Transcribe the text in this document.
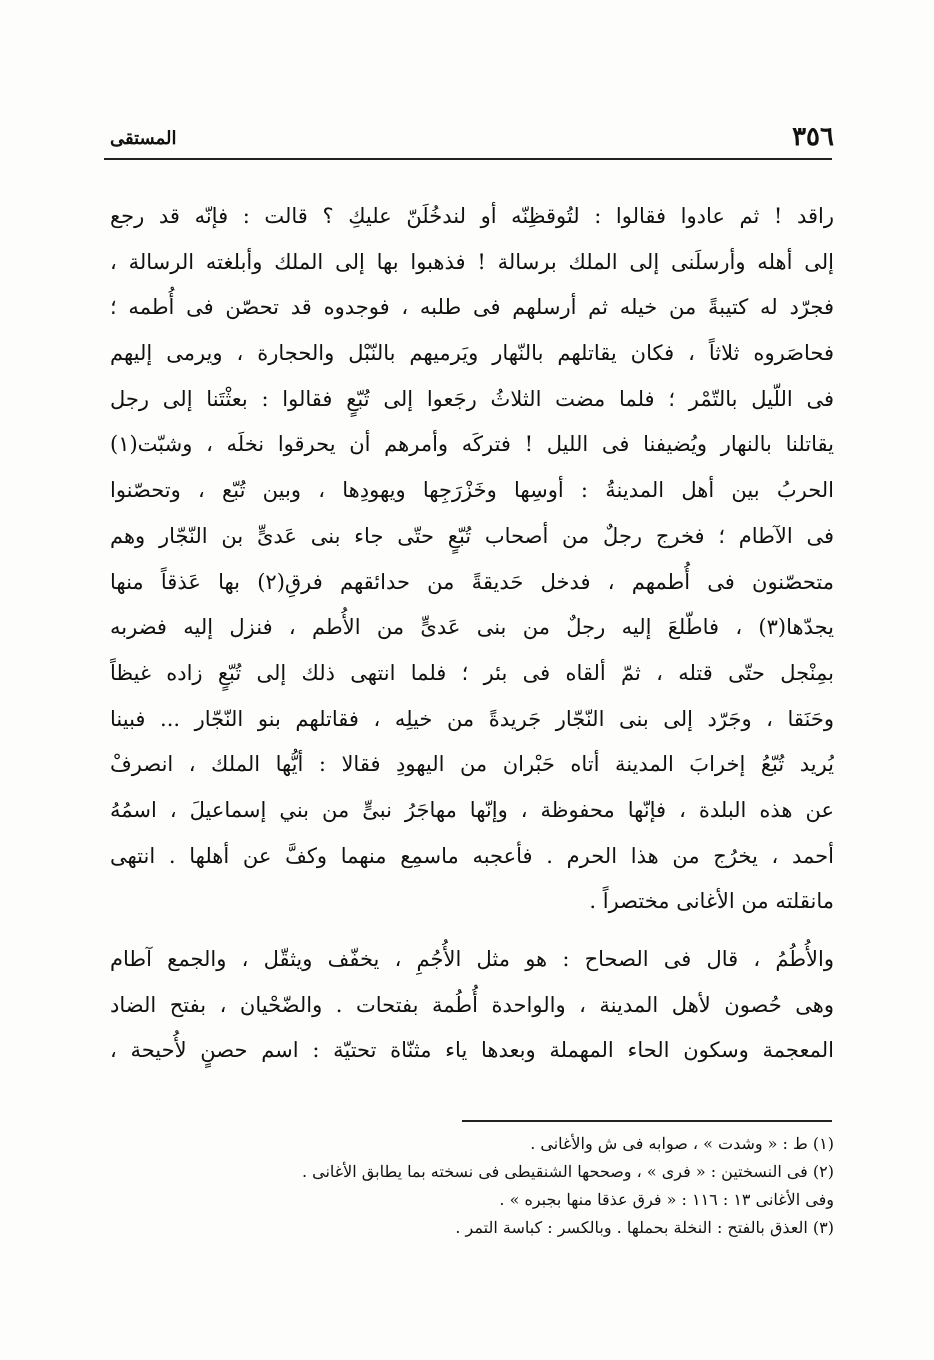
٣٥٦
المستقى
راقد ! ثم عادوا فقالوا : لتُوقظِنّه أو لندخُلَنّ عليكِ ؟ قالت : فإنّه قد رجع
إلى أهله وأرسلَنى إلى الملك برسالة ! فذهبوا بها إلى الملك وأبلغته الرسالة ،
فجرّد له كتيبةً من خيله ثم أرسلهم فى طلبه ، فوجدوه قد تحصّن فى أُطمه ؛
فحاصَروه ثلاثاً ، فكان يقاتلهم بالنّهار ويَرميهم بالنّبْل والحجارة ، ويرمى إليهم
فى اللّيل بالتّمْر ؛ فلما مضت الثلاثُ رجَعوا إلى تُبّعٍ فقالوا : بعثْتَنا إلى رجل
يقاتلنا بالنهار ويُضيفنا فى الليل ! فتركَه وأمرهم أن يحرقوا نخلَه ، وشبّت(١)
الحربُ بين أهل المدينةُ : أوسِها وخَزْرَجِها ويهودِها ، وبين تُبّع ، وتحصّنوا
فى الآطام ؛ فخرج رجلٌ من أصحاب تُبّعٍ حتّى جاء بنى عَدىٍّ بن النّجّار وهم
متحصّنون فى أُطمهم ، فدخل حَديقةً من حدائقهم فرقِ(٢) بها عَذقاً منها
يجدّها(٣) ، فاطّلعَ إليه رجلٌ من بنى عَدىٍّ من الأُطم ، فنزل إليه فضربه
بمِنْجل حتّى قتله ، ثمّ ألقاه فى بئر ؛ فلما انتهى ذلك إلى تُبّعٍ زاده غيظاً
وحَنَقا ، وجَرّد إلى بنى النّجّار جَريدةً من خيلِه ، فقاتلهم بنو النّجّار ... فبينا
يُريد تُبّعُ إخرابَ المدينة أتاه حَبْران من اليهودِ فقالا : أيُّها الملك ، انصرفْ
عن هذه البلدة ، فإنّها محفوظة ، وإنّها مهاجَرُ نبىٍّ من بني إسماعيلَ ، اسمُهُ
أحمد ، يخرُج من هذا الحرم . فأعجبه ماسمِع منهما وكفَّ عن أهلها . انتهى
مانقلته من الأغانى مختصراً .
والأُطُمُ ، قال فى الصحاح : هو مثل الأُجُمِ ، يخفّف ويثقّل ، والجمع آطام
وهى حُصون لأهل المدينة ، والواحدة أُطُمة بفتحات . والضّحْيان ، بفتح الضاد
المعجمة وسكون الحاء المهملة وبعدها ياء مثنّاة تحتيّة : اسم حصنٍ لأُحيحة ،
(١) ط : « وشدت » ، صوابه فى ش والأغانى .
(٢) فى النسختين : « فرى » ، وصححها الشنقيطى فى نسخته بما يطابق الأغانى .
وفى الأغانى ١٣ : ١١٦ : « فرق عذقا منها بجبره » .
(٣) العذق بالفتح : النخلة بحملها . وبالكسر : كباسة التمر .
